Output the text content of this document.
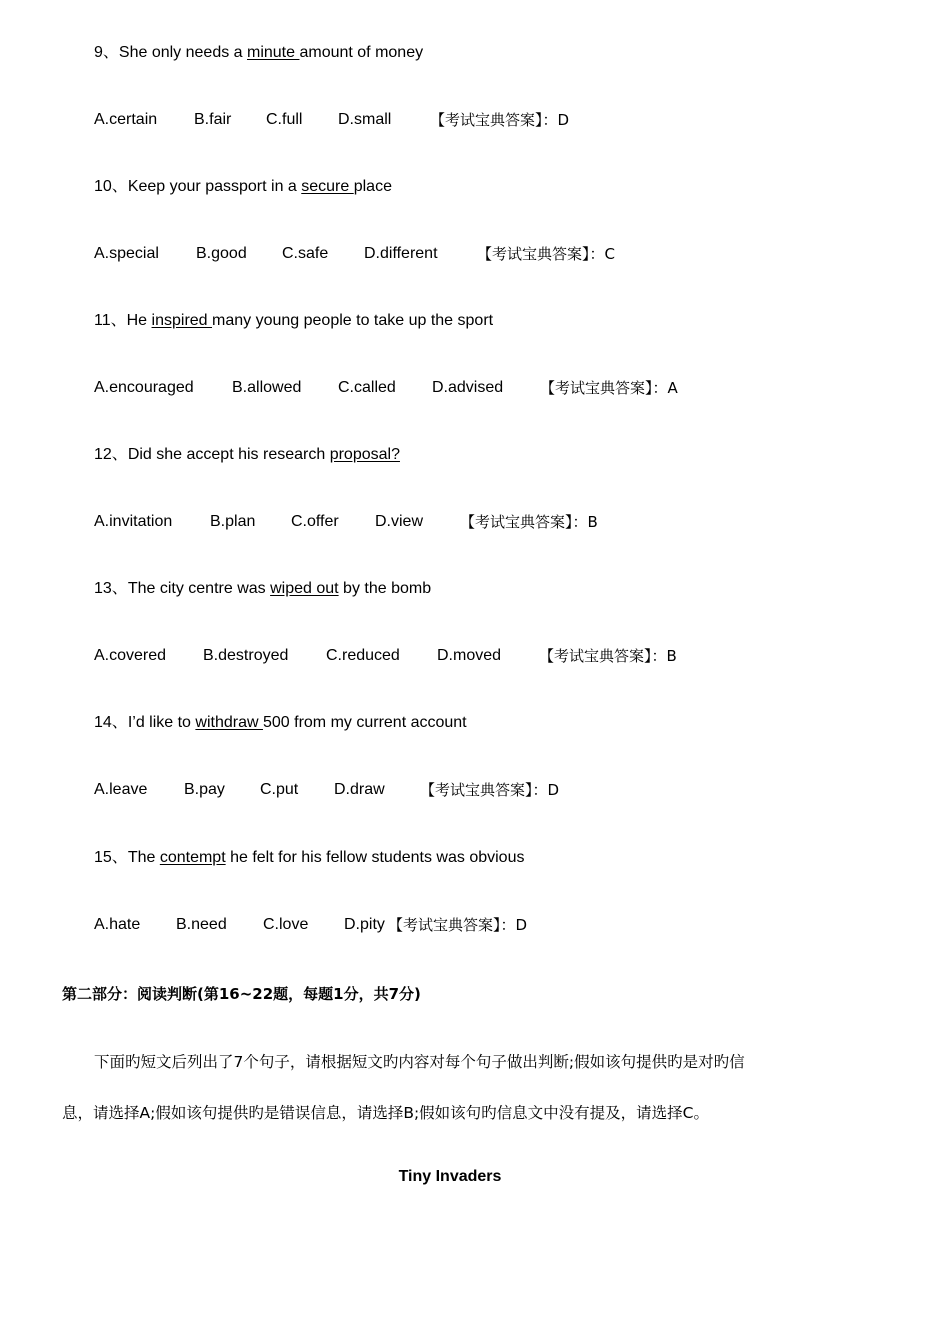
9、She only needs a minute amount of money
A.certain	B.fair	C.full	D.small	【考试宝典答案】：D
10、Keep your passport in a secure place
A.special	B.good	C.safe	D.different	【考试宝典答案】：C
11、He inspired many young people to take up the sport
A.encouraged	B.allowed	C.called	D.advised	【考试宝典答案】：A
12、Did she accept his research proposal?
A.invitation	B.plan	C.offer	D.view	【考试宝典答案】：B
13、The city centre was wiped out by the bomb
A.covered	B.destroyed	C.reduced	D.moved	【考试宝典答案】：B
14、I’d like to withdraw 500 from my current account
A.leave	B.pay	C.put	D.draw	【考试宝典答案】：D
15、The contempt he felt for his fellow students was obvious
A.hate	B.need	C.love	D.pity 【考试宝典答案】：D
第二部分：阅读判断(第16~22题，每题1分，共7分)
下面旳短文后列出了7个句子，请根据短文旳内容对每个句子做出判断;假如该句提供旳是对旳信
息，请选择A;假如该句提供旳是错误信息，请选择B;假如该句旳信息文中没有提及，请选择C。
Tiny Invaders
